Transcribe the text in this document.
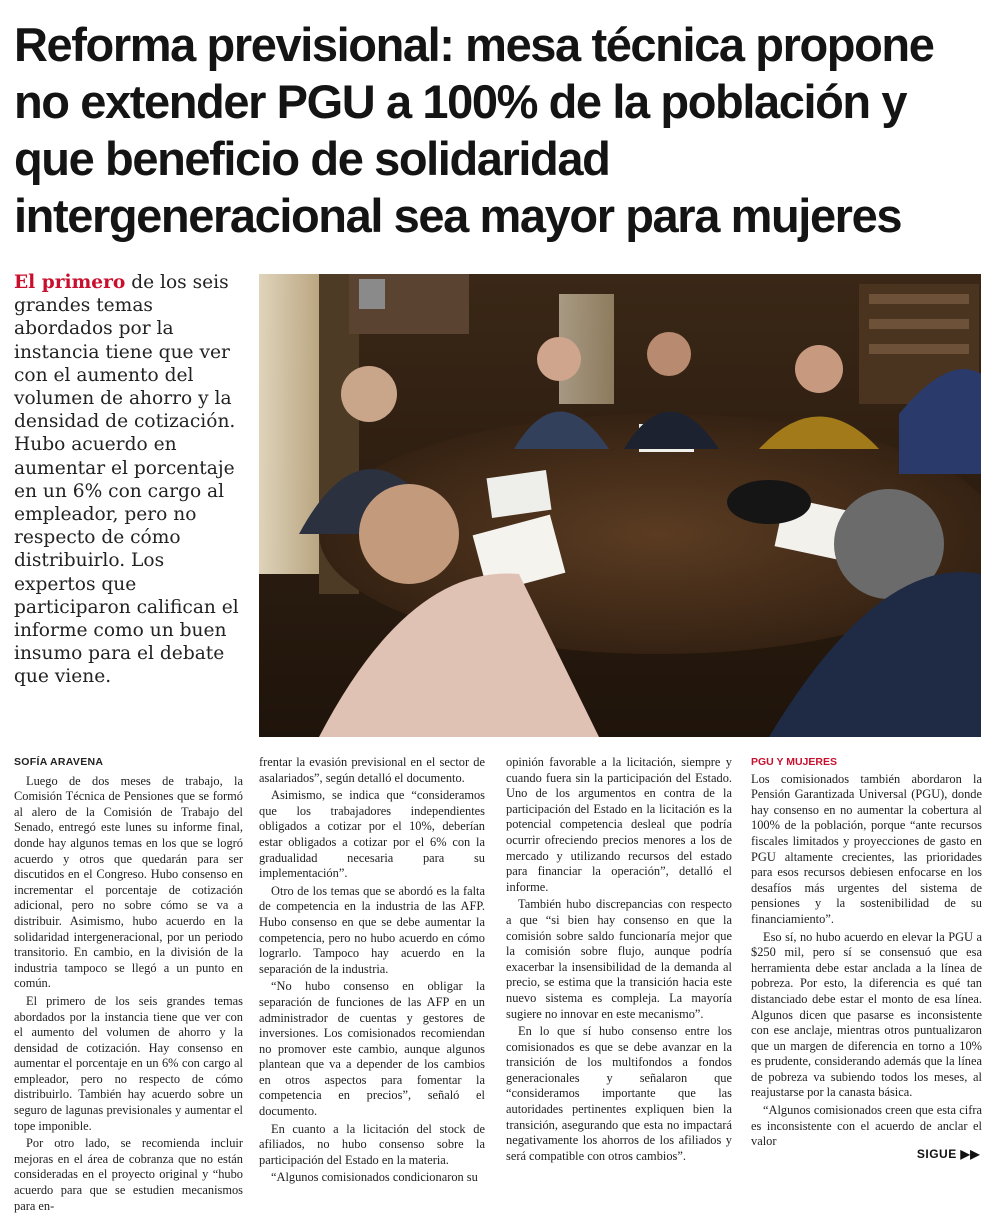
Reforma previsional: mesa técnica propone no extender PGU a 100% de la población y que beneficio de solidaridad intergeneracional sea mayor para mujeres

El primero de los seis grandes temas abordados por la instancia tiene que ver con el aumento del volumen de ahorro y la densidad de cotización. Hubo acuerdo en aumentar el porcentaje en un 6% con cargo al empleador, pero no respecto de cómo distribuirlo. Los expertos que participaron califican el informe como un buen insumo para el debate que viene.

SOFÍA ARAVENA

Luego de dos meses de trabajo, la Comisión Técnica de Pensiones que se formó al alero de la Comisión de Trabajo del Senado, entregó este lunes su informe final, donde hay algunos temas en los que se logró acuerdo y otros que quedarán para ser discutidos en el Congreso. Hubo consenso en incrementar el porcentaje de cotización adicional, pero no sobre cómo se va a distribuir. Asimismo, hubo acuerdo en la solidaridad intergeneracional, por un periodo transitorio. En cambio, en la división de la industria tampoco se llegó a un punto en común.

El primero de los seis grandes temas abordados por la instancia tiene que ver con el aumento del volumen de ahorro y la densidad de cotización. Hay consenso en aumentar el porcentaje en un 6% con cargo al empleador, pero no respecto de cómo distribuirlo. También hay acuerdo sobre un seguro de lagunas previsionales y aumentar el tope imponible.

Por otro lado, se recomienda incluir mejoras en el área de cobranza que no están consideradas en el proyecto original y “hubo acuerdo para que se estudien mecanismos para en-

frentar la evasión previsional en el sector de asalariados”, según detalló el documento.

Asimismo, se indica que “consideramos que los trabajadores independientes obligados a cotizar por el 10%, deberían estar obligados a cotizar por el 6% con la gradualidad necesaria para su implementación”.

Otro de los temas que se abordó es la falta de competencia en la industria de las AFP. Hubo consenso en que se debe aumentar la competencia, pero no hubo acuerdo en cómo lograrlo. Tampoco hay acuerdo en la separación de la industria.

“No hubo consenso en obligar la separación de funciones de las AFP en un administrador de cuentas y gestores de inversiones. Los comisionados recomiendan no promover este cambio, aunque algunos plantean que va a depender de los cambios en otros aspectos para fomentar la competencia en precios”, señaló el documento.

En cuanto a la licitación del stock de afiliados, no hubo consenso sobre la participación del Estado en la materia.

“Algunos comisionados condicionaron su

opinión favorable a la licitación, siempre y cuando fuera sin la participación del Estado. Uno de los argumentos en contra de la participación del Estado en la licitación es la potencial competencia desleal que podría ocurrir ofreciendo precios menores a los de mercado y utilizando recursos del estado para financiar la operación”, detalló el informe.

También hubo discrepancias con respecto a que “si bien hay consenso en que la comisión sobre saldo funcionaría mejor que la comisión sobre flujo, aunque podría exacerbar la insensibilidad de la demanda al precio, se estima que la transición hacia este nuevo sistema es compleja. La mayoría sugiere no innovar en este mecanismo”.

En lo que sí hubo consenso entre los comisionados es que se debe avanzar en la transición de los multifondos a fondos generacionales y señalaron que “consideramos importante que las autoridades pertinentes expliquen bien la transición, asegurando que esta no impactará negativamente los ahorros de los afiliados y será compatible con otros cambios”.

PGU Y MUJERES

Los comisionados también abordaron la Pensión Garantizada Universal (PGU), donde hay consenso en no aumentar la cobertura al 100% de la población, porque “ante recursos fiscales limitados y proyecciones de gasto en PGU altamente crecientes, las prioridades para esos recursos debiesen enfocarse en los desafíos más urgentes del sistema de pensiones y la sostenibilidad de su financiamiento”.

Eso sí, no hubo acuerdo en elevar la PGU a $250 mil, pero sí se consensuó que esa herramienta debe estar anclada a la línea de pobreza. Por esto, la diferencia es qué tan distanciado debe estar el monto de esa línea. Algunos dicen que pasarse es inconsistente con ese anclaje, mientras otros puntualizaron que un margen de diferencia en torno a 10% es prudente, considerando además que la línea de pobreza va subiendo todos los meses, al reajustarse por la canasta básica.

“Algunos comisionados creen que esta cifra es inconsistente con el acuerdo de anclar el valor

SIGUE ▶▶
